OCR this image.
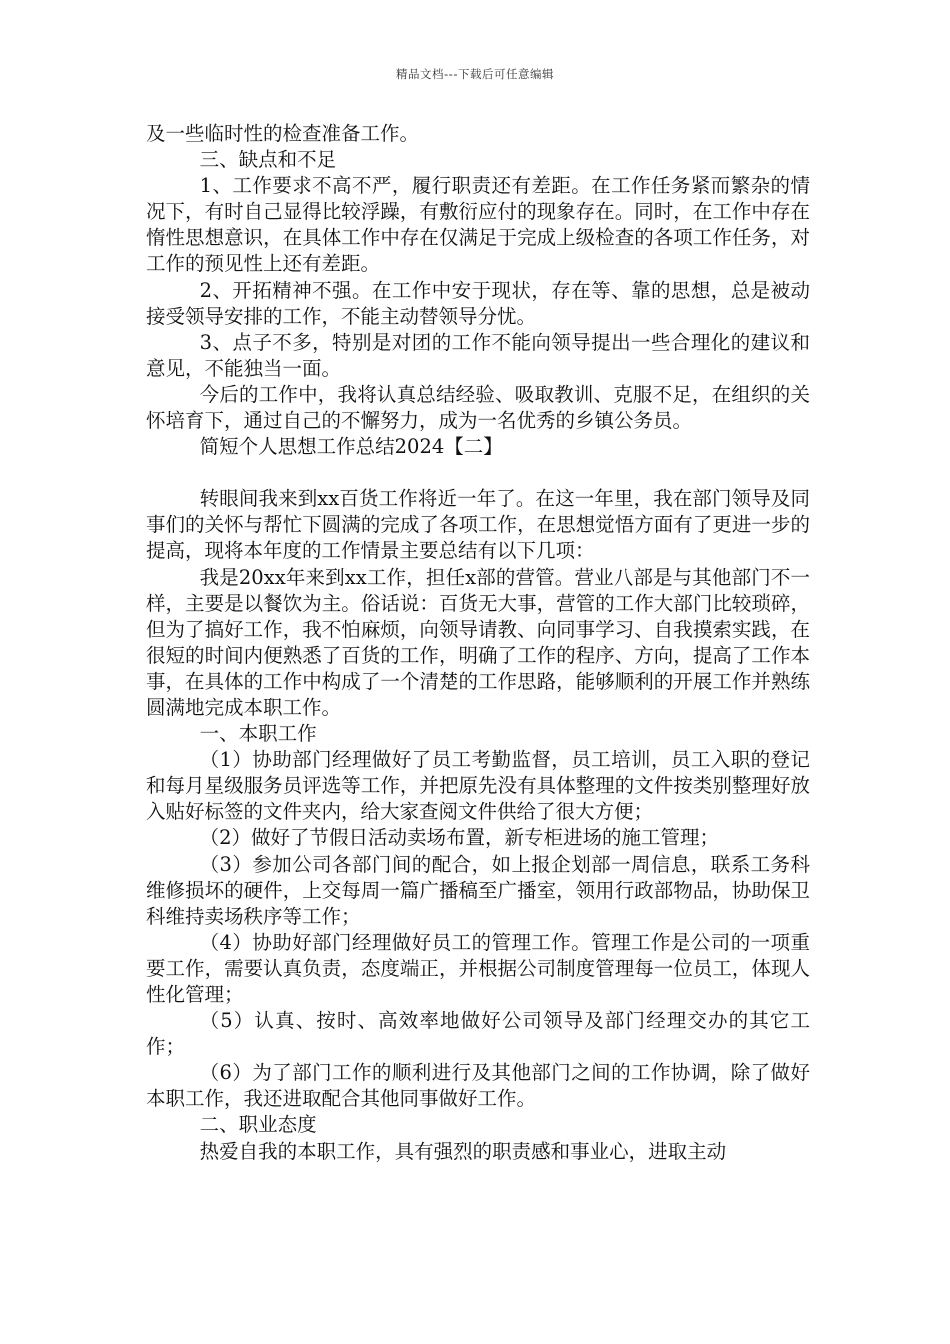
精品文档---下载后可任意编辑

及一些临时性的检查准备工作。

三、缺点和不足

1、工作要求不高不严，履行职责还有差距。在工作任务紧而繁杂的情况下，有时自己显得比较浮躁，有敷衍应付的现象存在。同时，在工作中存在惰性思想意识，在具体工作中存在仅满足于完成上级检查的各项工作任务，对工作的预见性上还有差距。

2、开拓精神不强。在工作中安于现状，存在等、靠的思想，总是被动接受领导安排的工作，不能主动替领导分忧。

3、点子不多，特别是对团的工作不能向领导提出一些合理化的建议和意见，不能独当一面。

今后的工作中，我将认真总结经验、吸取教训、克服不足，在组织的关怀培育下，通过自己的不懈努力，成为一名优秀的乡镇公务员。

简短个人思想工作总结2024【二】

转眼间我来到xx百货工作将近一年了。在这一年里，我在部门领导及同事们的关怀与帮忙下圆满的完成了各项工作，在思想觉悟方面有了更进一步的提高，现将本年度的工作情景主要总结有以下几项：

我是20xx年来到xx工作，担任x部的营管。营业八部是与其他部门不一样，主要是以餐饮为主。俗话说：百货无大事，营管的工作大部门比较琐碎，但为了搞好工作，我不怕麻烦，向领导请教、向同事学习、自我摸索实践，在很短的时间内便熟悉了百货的工作，明确了工作的程序、方向，提高了工作本事，在具体的工作中构成了一个清楚的工作思路，能够顺利的开展工作并熟练圆满地完成本职工作。

一、本职工作

（1）协助部门经理做好了员工考勤监督，员工培训，员工入职的登记和每月星级服务员评选等工作，并把原先没有具体整理的文件按类别整理好放入贴好标签的文件夹内，给大家查阅文件供给了很大方便；

（2）做好了节假日活动卖场布置，新专柜进场的施工管理；

（3）参加公司各部门间的配合，如上报企划部一周信息，联系工务科维修损坏的硬件，上交每周一篇广播稿至广播室，领用行政部物品，协助保卫科维持卖场秩序等工作；

（4）协助好部门经理做好员工的管理工作。管理工作是公司的一项重要工作，需要认真负责，态度端正，并根据公司制度管理每一位员工，体现人性化管理；

（5）认真、按时、高效率地做好公司领导及部门经理交办的其它工作；

（6）为了部门工作的顺利进行及其他部门之间的工作协调，除了做好本职工作，我还进取配合其他同事做好工作。

二、职业态度

热爱自我的本职工作，具有强烈的职责感和事业心，进取主动
